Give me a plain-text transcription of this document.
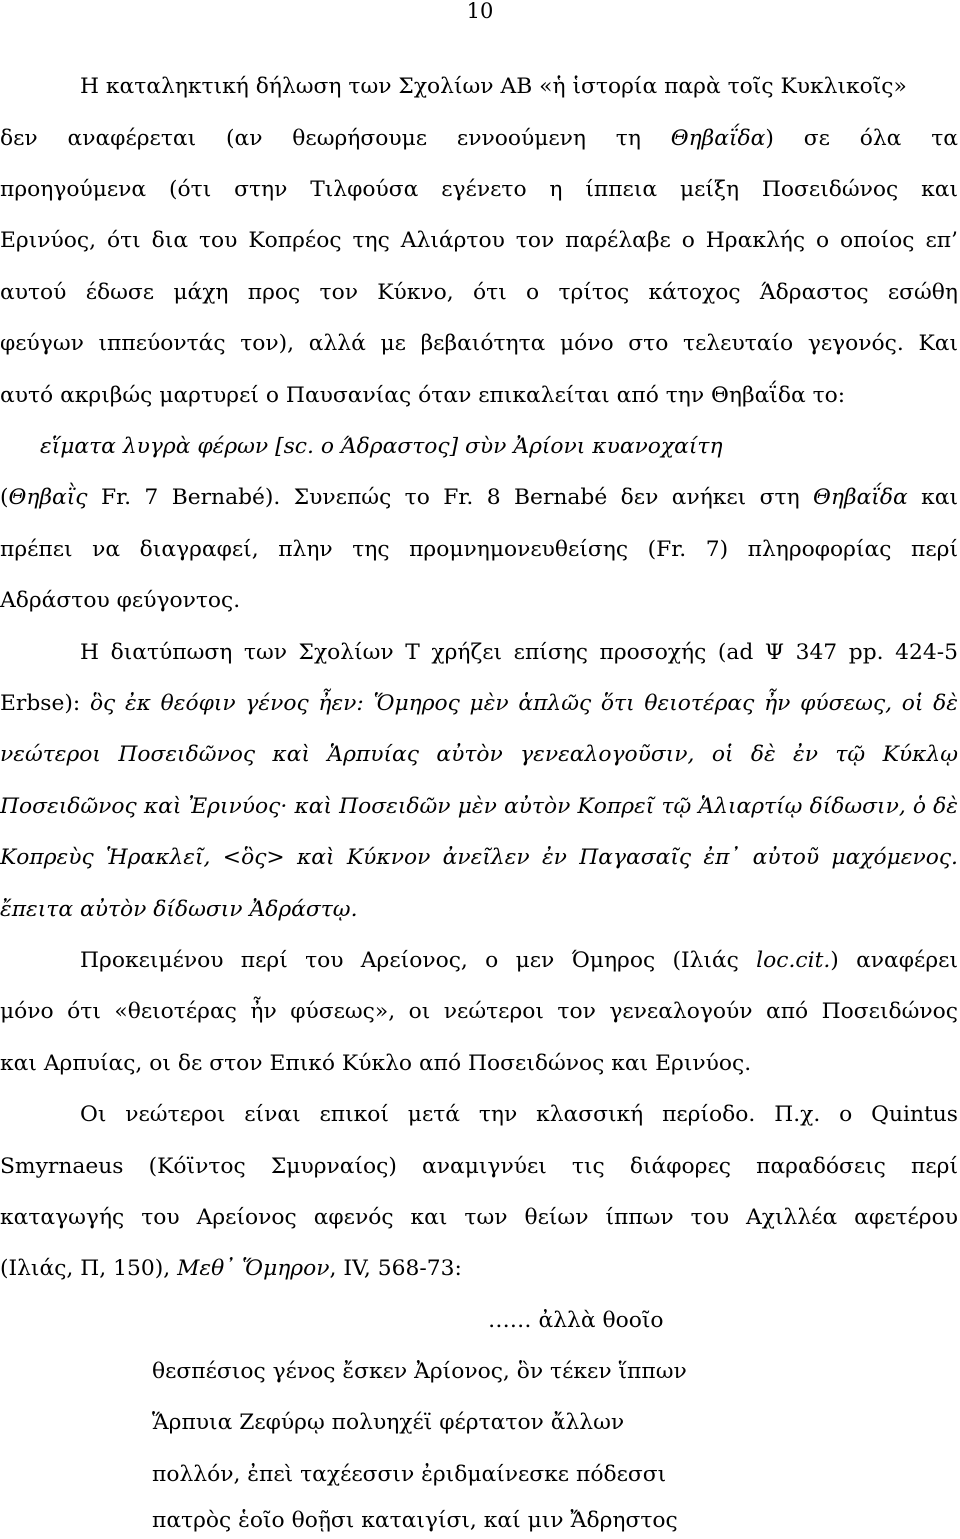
10
Η καταληκτική δήλωση των Σχολίων ΑΒ «ἡ ἱστορία παρὰ τοῖς Κυκλικοῖς»
δεν αναφέρεται (αν θεωρήσουμε εννοούμενη τη Θηβαΐδα) σε όλα τα
προηγούμενα (ότι στην Τιλφούσα εγένετο η ίππεια μείξη Ποσειδώνος και
Ερινύος, ότι δια του Κοπρέος της Αλιάρτου τον παρέλαβε ο Ηρακλής ο οποίος επ’
αυτού έδωσε μάχη προς τον Κύκνο, ότι ο τρίτος κάτοχος Άδραστος εσώθη
φεύγων ιππεύοντάς τον), αλλά με βεβαιότητα μόνο στο τελευταίο γεγονός. Και
αυτό ακριβώς μαρτυρεί ο Παυσανίας όταν επικαλείται από την Θηβαΐδα το:
εἵματα λυγρὰ φέρων [sc. ο Άδραστος] σὺν Ἀρίονι κυανοχαίτη
(Θηβαῒς Fr. 7 Bernabé). Συνεπώς το Fr. 8 Bernabé δεν ανήκει στη Θηβαΐδα και
πρέπει να διαγραφεί, πλην της προμνημονευθείσης (Fr. 7) πληροφορίας περί
Αδράστου φεύγοντος.
Η διατύπωση των Σχολίων Τ χρήζει επίσης προσοχής (ad Ψ 347 pp. 424-5
Erbse): ὃς ἐκ θεόφιν γένος ἦεν: Ὅμηρος μὲν ἁπλῶς ὅτι θειοτέρας ἦν φύσεως, οἱ δὲ
νεώτεροι Ποσειδῶνος καὶ Ἁρπυίας αὐτὸν γενεαλογοῦσιν, οἱ δὲ ἐν τῷ Κύκλῳ
Ποσειδῶνος καὶ Ἐρινύος· καὶ Ποσειδῶν μὲν αὐτὸν Κοπρεῖ τῷ Ἁλιαρτίῳ δίδωσιν, ὁ δὲ
Κοπρεὺς Ἡρακλεῖ, <ὃς> καὶ Κύκνον ἀνεῖλεν ἐν Παγασαῖς ἐπ᾽ αὐτοῦ μαχόμενος.
ἔπειτα αὐτὸν δίδωσιν Ἀδράστῳ.
Προκειμένου περί του Αρείονος, ο μεν Όμηρος (Ιλιάς loc.cit.) αναφέρει
μόνο ότι «θειοτέρας ἦν φύσεως», οι νεώτεροι τον γενεαλογούν από Ποσειδώνος
και Αρπυίας, οι δε στον Επικό Κύκλο από Ποσειδώνος και Ερινύος.
Οι νεώτεροι είναι επικοί μετά την κλασσική περίοδο. Π.χ. ο Quintus
Smyrnaeus (Κόϊντος Σμυρναίος) αναμιγνύει τις διάφορες παραδόσεις περί
καταγωγής του Αρείονος αφενός και των θείων ίππων του Αχιλλέα αφετέρου
(Ιλιάς, Π, 150), Μεθ᾽ Ὅμηρον, IV, 568-73:
…… ἀλλὰ θοοῖο
θεσπέσιος γένος ἔσκεν Ἀρίονος, ὃν τέκεν ἵππων
Ἅρπυια Ζεφύρῳ πολυηχέϊ φέρτατον ἄλλων
πολλόν, ἐπεὶ ταχέεσσιν ἐριδμαίνεσκε πόδεσσι
πατρὸς ἑοῖο θοῇσι καταιγίσι, καί μιν Ἄδρηστος
